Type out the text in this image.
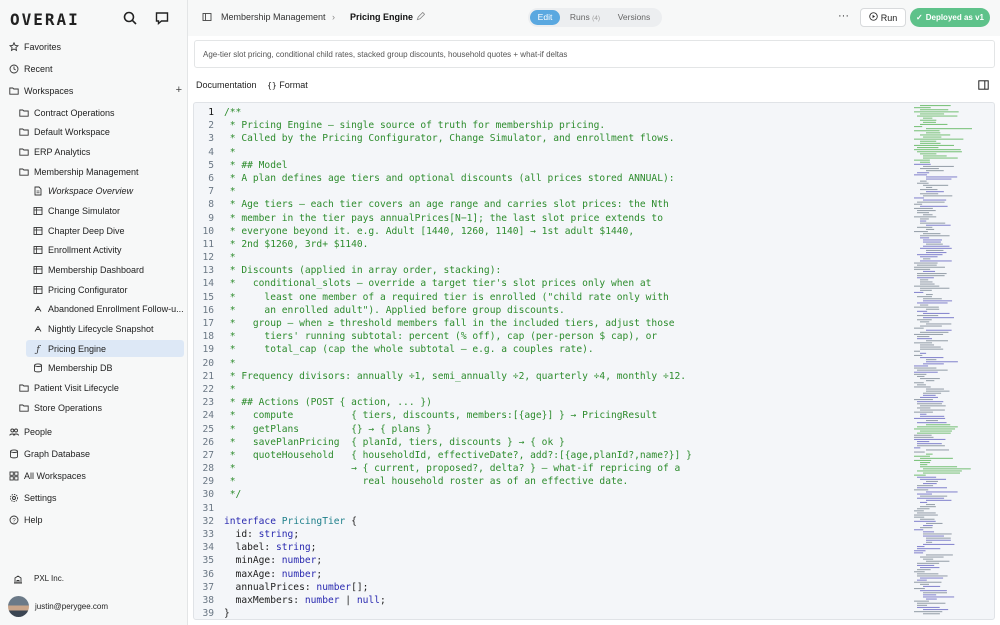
OVERAI
Favorites
Recent
Workspaces	+
Contract Operations
Default Workspace
ERP Analytics
Membership Management
Workspace Overview
Change Simulator
Chapter Deep Dive
Enrollment Activity
Membership Dashboard
Pricing Configurator
Abandoned Enrollment Follow-u...
Nightly Lifecycle Snapshot
ƒ Pricing Engine
Membership DB
Patient Visit Lifecycle
Store Operations
People
Graph Database
All Workspaces
Settings
? Help
PXL Inc.
justin@perygee.com
Membership Management › Pricing Engine	Edit	Runs (4)	Versions	···	Run ✓ Deployed as v1
Age-tier slot pricing, conditional child rates, stacked group discounts, household quotes + what-if deltas
Documentation {} Format
1	/**
2	* Pricing Engine — single source of truth for membership pricing.
3	* Called by the Pricing Configurator, Change Simulator, and enrollment flows.
4	*
5	* ## Model
6	* A plan defines age tiers and optional discounts (all prices stored ANNUAL):
7	*
8	* Age tiers — each tier covers an age range and carries slot prices: the Nth
9	* member in the tier pays annualPrices[N−1]; the last slot price extends to
10	* everyone beyond it. e.g. Adult [1440, 1260, 1140] → 1st adult $1440,
11	* 2nd $1260, 3rd+ $1140.
12	*
13	* Discounts (applied in array order, stacking):
14	*   conditional_slots — override a target tier's slot prices only when at
15	*     least one member of a required tier is enrolled ("child rate only with
16	*     an enrolled adult"). Applied before group discounts.
17	*   group — when ≥ threshold members fall in the included tiers, adjust those
18	*     tiers' running subtotal: percent (% off), cap (per-person $ cap), or
19	*     total_cap (cap the whole subtotal — e.g. a couples rate).
20	*
21	* Frequency divisors: annually ÷1, semi_annually ÷2, quarterly ÷4, monthly ÷12.
22	*
23	* ## Actions (POST { action, ... })
24	*   compute          { tiers, discounts, members:[{age}] } → PricingResult
25	*   getPlans         {} → { plans }
26	*   savePlanPricing  { planId, tiers, discounts } → { ok }
27	*   quoteHousehold   { householdId, effectiveDate?, add?:[{age,planId?,name?}] }
28	*                    → { current, proposed?, delta? } — what-if repricing of a
29	*                      real household roster as of an effective date.
30	*/
31
32	interface PricingTier {
33	id: string;
34	label: string;
35	minAge: number;
36	maxAge: number;
37	annualPrices: number[];
38	maxMembers: number | null;
39	}
